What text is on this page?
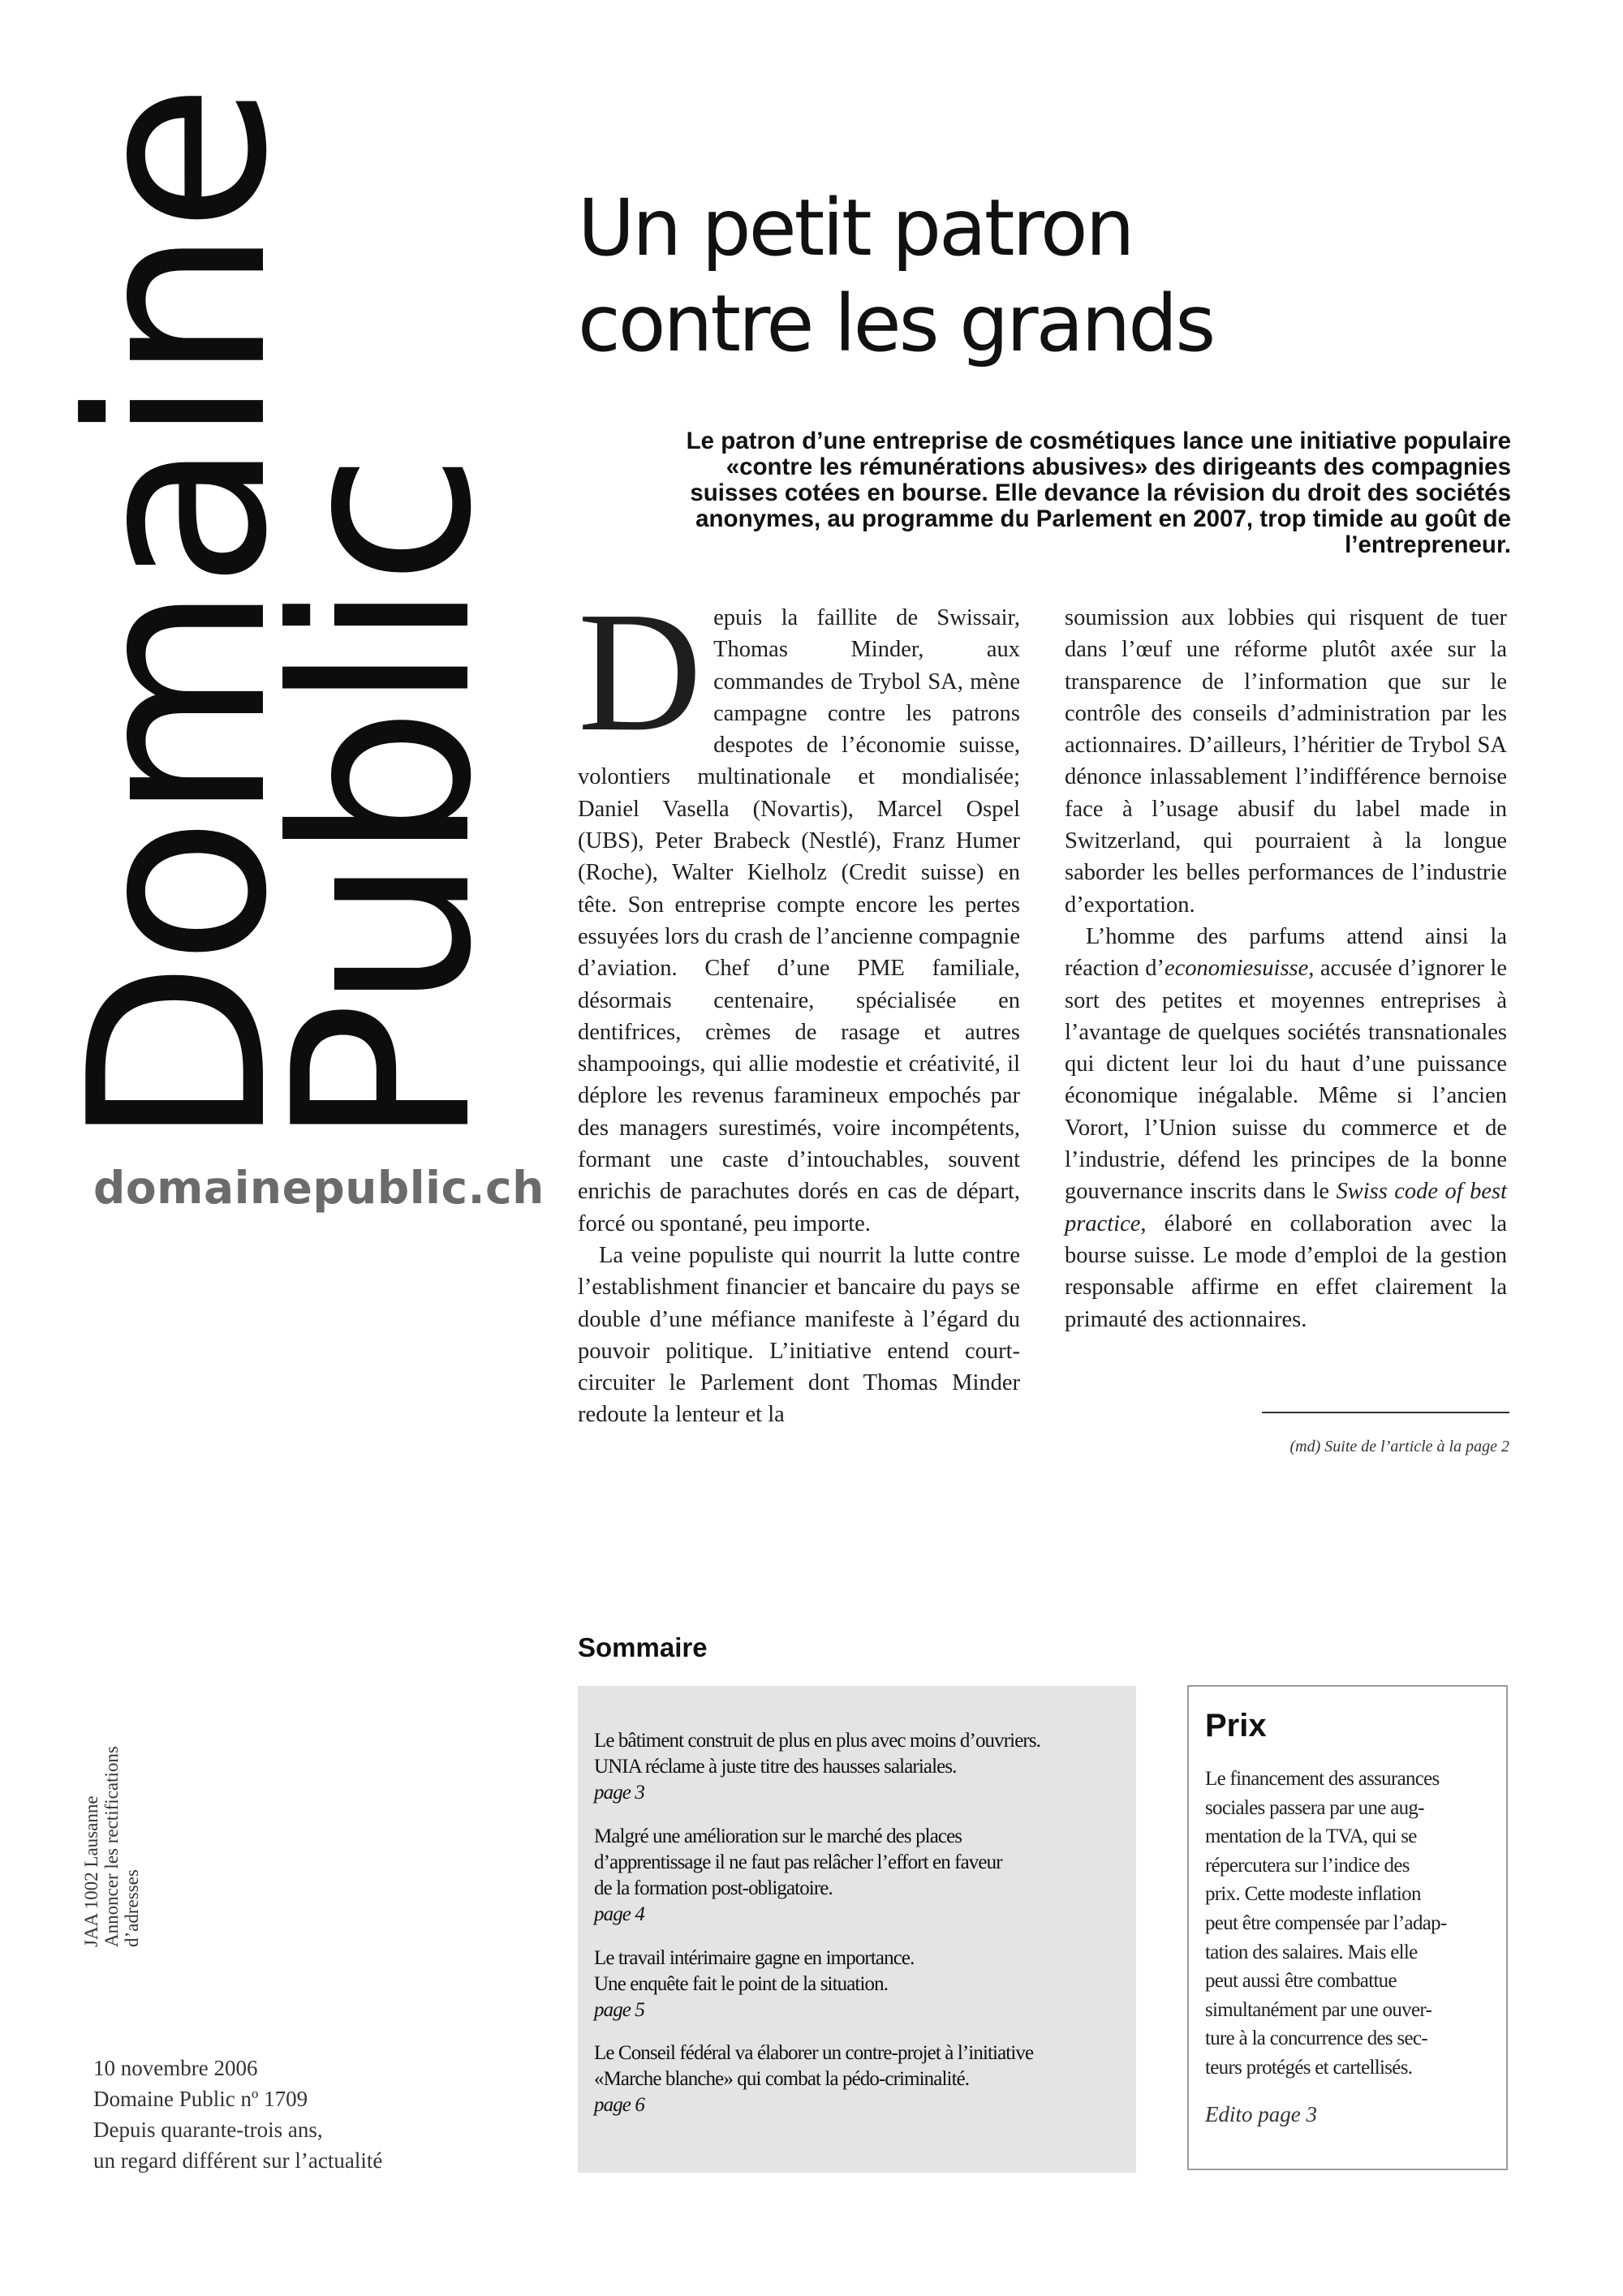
Domaine
Public
domainepublic.ch
Un petit patron
contre les grands
Le patron d’une entreprise de cosmétiques lance une initiative populaire «contre les rémunérations abusives» des dirigeants des compagnies suisses cotées en bourse. Elle devance la révision du droit des sociétés anonymes, au programme du Parlement en 2007, trop timide au goût de l’entrepreneur.

Depuis la faillite de Swissair, Thomas Minder, aux commandes de Trybol SA, mène campagne contre les patrons despotes de l’économie suisse, volontiers multinationale et mondialisée; Daniel Vasella (Novartis), Marcel Ospel (UBS), Peter Brabeck (Nestlé), Franz Humer (Roche), Walter Kielholz (Credit suisse) en tête. Son entreprise compte encore les pertes essuyées lors du crash de l’ancienne compagnie d’aviation. Chef d’une PME familiale, désormais centenaire, spécialisée en dentifrices, crèmes de rasage et autres shampooings, qui allie modestie et créativité, il déplore les revenus faramineux empochés par des managers surestimés, voire incompétents, formant une caste d’intouchables, souvent enrichis de parachutes dorés en cas de départ, forcé ou spontané, peu importe.

La veine populiste qui nourrit la lutte contre l’establishment financier et bancaire du pays se double d’une méfiance manifeste à l’égard du pouvoir politique. L’initiative entend court-circuiter le Parlement dont Thomas Minder redoute la lenteur et la

soumission aux lobbies qui risquent de tuer dans l’œuf une réforme plutôt axée sur la transparence de l’information que sur le contrôle des conseils d’administration par les actionnaires. D’ailleurs, l’héritier de Trybol SA dénonce inlassablement l’indifférence bernoise face à l’usage abusif du label made in Switzerland, qui pourraient à la longue saborder les belles performances de l’industrie d’exportation.

L’homme des parfums attend ainsi la réaction d’economiesuisse, accusée d’ignorer le sort des petites et moyennes entreprises à l’avantage de quelques sociétés transnationales qui dictent leur loi du haut d’une puissance économique inégalable. Même si l’ancien Vorort, l’Union suisse du commerce et de l’industrie, défend les principes de la bonne gouvernance inscrits dans le Swiss code of best practice, élaboré en collaboration avec la bourse suisse. Le mode d’emploi de la gestion responsable affirme en effet clairement la primauté des actionnaires.

(md) Suite de l’article à la page 2
JAA 1002 Lausanne Annoncer les rectifications d’adresses
10 novembre 2006
Domaine Public nº 1709
Depuis quarante-trois ans,
un regard différent sur l’actualité
Sommaire
Le bâtiment construit de plus en plus avec moins d’ouvriers.
UNIA réclame à juste titre des hausses salariales.
page 3
Malgré une amélioration sur le marché des places
d’apprentissage il ne faut pas relâcher l’effort en faveur
de la formation post-obligatoire.
page 4
Le travail intérimaire gagne en importance.
Une enquête fait le point de la situation.
page 5
Le Conseil fédéral va élaborer un contre-projet à l’initiative
«Marche blanche» qui combat la pédo-criminalité.
page 6
Prix
Le financement des assurances
sociales passera par une aug-
mentation de la TVA, qui se
répercutera sur l’indice des
prix. Cette modeste inflation
peut être compensée par l’adap-
tation des salaires. Mais elle
peut aussi être combattue
simultanément par une ouver-
ture à la concurrence des sec-
teurs protégés et cartellisés.
Edito page 3
